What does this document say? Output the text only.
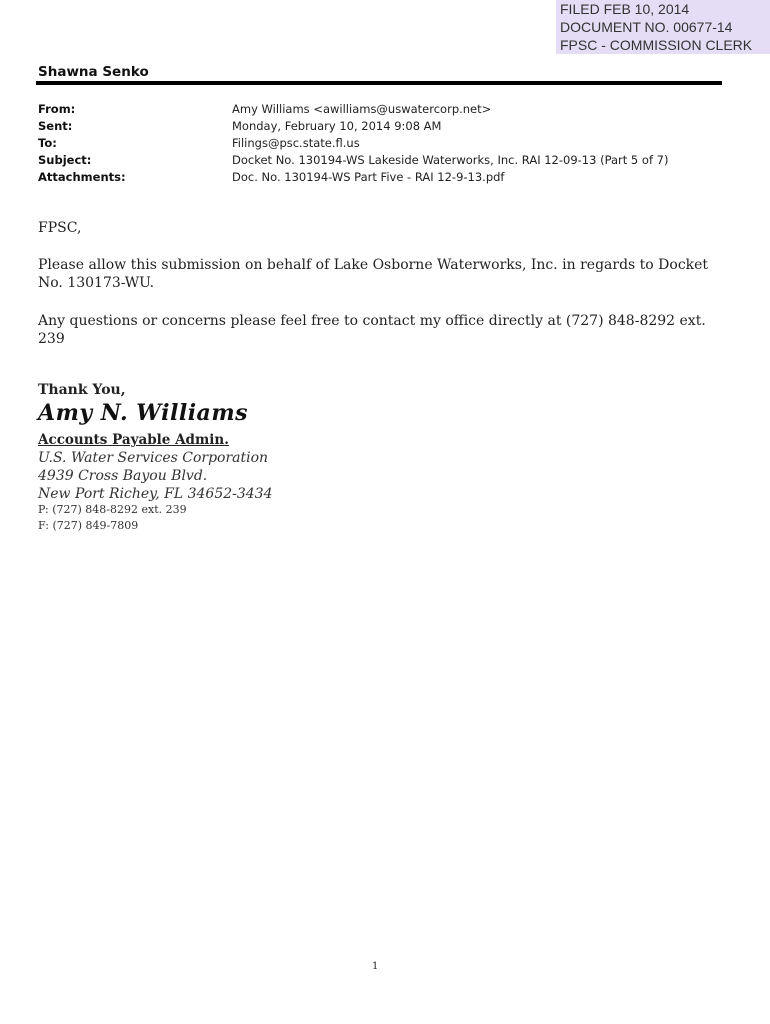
FILED FEB 10, 2014
DOCUMENT NO. 00677-14
FPSC - COMMISSION CLERK
Shawna Senko
From:	Amy Williams <awilliams@uswatercorp.net>
Sent:	Monday, February 10, 2014 9:08 AM
To:	Filings@psc.state.fl.us
Subject:	Docket No. 130194-WS Lakeside Waterworks, Inc. RAI 12-09-13 (Part 5 of 7)
Attachments:	Doc. No. 130194-WS Part Five - RAI 12-9-13.pdf
FPSC,
Please allow this submission on behalf of Lake Osborne Waterworks, Inc. in regards to Docket No. 130173-WU.
Any questions or concerns please feel free to contact my office directly at (727) 848-8292 ext. 239
Thank You,
Amy N. Williams
Accounts Payable Admin.
U.S. Water Services Corporation
4939 Cross Bayou Blvd.
New Port Richey, FL 34652-3434
P: (727) 848-8292 ext. 239
F: (727) 849-7809
1
